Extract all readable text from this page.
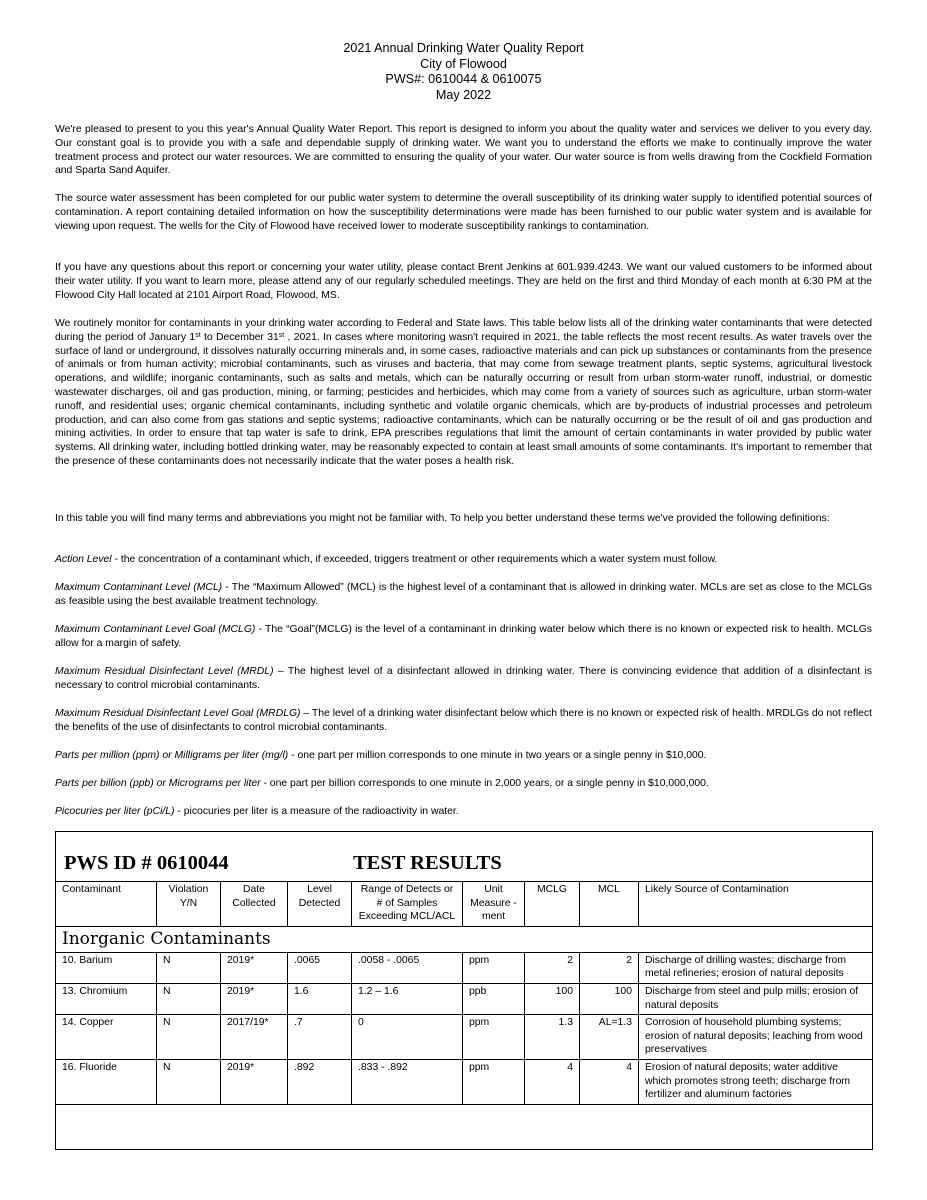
2021 Annual Drinking Water Quality Report
City of Flowood
PWS#: 0610044 & 0610075
May 2022

We're pleased to present to you this year's Annual Quality Water Report. This report is designed to inform you about the quality water and services we deliver to you every day. Our constant goal is to provide you with a safe and dependable supply of drinking water. We want you to understand the efforts we make to continually improve the water treatment process and protect our water resources. We are committed to ensuring the quality of your water. Our water source is from wells drawing from the Cockfield Formation and Sparta Sand Aquifer.

The source water assessment has been completed for our public water system to determine the overall susceptibility of its drinking water supply to identified potential sources of contamination. A report containing detailed information on how the susceptibility determinations were made has been furnished to our public water system and is available for viewing upon request. The wells for the City of Flowood have received lower to moderate susceptibility rankings to contamination.

If you have any questions about this report or concerning your water utility, please contact Brent Jenkins at 601.939.4243. We want our valued customers to be informed about their water utility. If you want to learn more, please attend any of our regularly scheduled meetings. They are held on the first and third Monday of each month at 6:30 PM at the Flowood City Hall located at 2101 Airport Road, Flowood, MS.

We routinely monitor for contaminants in your drinking water according to Federal and State laws. This table below lists all of the drinking water contaminants that were detected during the period of January 1st to December 31st , 2021. In cases where monitoring wasn't required in 2021, the table reflects the most recent results. As water travels over the surface of land or underground, it dissolves naturally occurring minerals and, in some cases, radioactive materials and can pick up substances or contaminants from the presence of animals or from human activity; microbial contaminants, such as viruses and bacteria, that may come from sewage treatment plants, septic systems, agricultural livestock operations, and wildlife; inorganic contaminants, such as salts and metals, which can be naturally occurring or result from urban storm-water runoff, industrial, or domestic wastewater discharges, oil and gas production, mining, or farming; pesticides and herbicides, which may come from a variety of sources such as agriculture, urban storm-water runoff, and residential uses; organic chemical contaminants, including synthetic and volatile organic chemicals, which are by-products of industrial processes and petroleum production, and can also come from gas stations and septic systems; radioactive contaminants, which can be naturally occurring or be the result of oil and gas production and mining activities. In order to ensure that tap water is safe to drink, EPA prescribes regulations that limit the amount of certain contaminants in water provided by public water systems. All drinking water, including bottled drinking water, may be reasonably expected to contain at least small amounts of some contaminants. It's important to remember that the presence of these contaminants does not necessarily indicate that the water poses a health risk.

In this table you will find many terms and abbreviations you might not be familiar with. To help you better understand these terms we've provided the following definitions:

Action Level - the concentration of a contaminant which, if exceeded, triggers treatment or other requirements which a water system must follow.

Maximum Contaminant Level (MCL) - The “Maximum Allowed” (MCL) is the highest level of a contaminant that is allowed in drinking water. MCLs are set as close to the MCLGs as feasible using the best available treatment technology.

Maximum Contaminant Level Goal (MCLG) - The “Goal”(MCLG) is the level of a contaminant in drinking water below which there is no known or expected risk to health. MCLGs allow for a margin of safety.

Maximum Residual Disinfectant Level (MRDL) – The highest level of a disinfectant allowed in drinking water. There is convincing evidence that addition of a disinfectant is necessary to control microbial contaminants.

Maximum Residual Disinfectant Level Goal (MRDLG) – The level of a drinking water disinfectant below which there is no known or expected risk of health. MRDLGs do not reflect the benefits of the use of disinfectants to control microbial contaminants.

Parts per million (ppm) or Milligrams per liter (mg/l) - one part per million corresponds to one minute in two years or a single penny in $10,000.

Parts per billion (ppb) or Micrograms per liter - one part per billion corresponds to one minute in 2,000 years, or a single penny in $10,000,000.

Picocuries per liter (pCi/L) - picocuries per liter is a measure of the radioactivity in water.

PWS ID # 0610044	TEST RESULTS
Contaminant	Violation Y/N	Date Collected	Level Detected	Range of Detects or # of Samples Exceeding MCL/ACL	Unit Measure -ment	MCLG	MCL	Likely Source of Contamination
Inorganic Contaminants								
10. Barium	N	2019*	.0065	.0058 - .0065	ppm	2	2	Discharge of drilling wastes; discharge from metal refineries; erosion of natural deposits
13. Chromium	N	2019*	1.6	1.2 – 1.6	ppb	100	100	Discharge from steel and pulp mills; erosion of natural deposits
14. Copper	N	2017/19*	.7	0	ppm	1.3	AL=1.3	Corrosion of household plumbing systems; erosion of natural deposits; leaching from wood preservatives
16. Fluoride	N	2019*	.892	.833 - .892	ppm	4	4	Erosion of natural deposits; water additive which promotes strong teeth; discharge from fertilizer and aluminum factories
